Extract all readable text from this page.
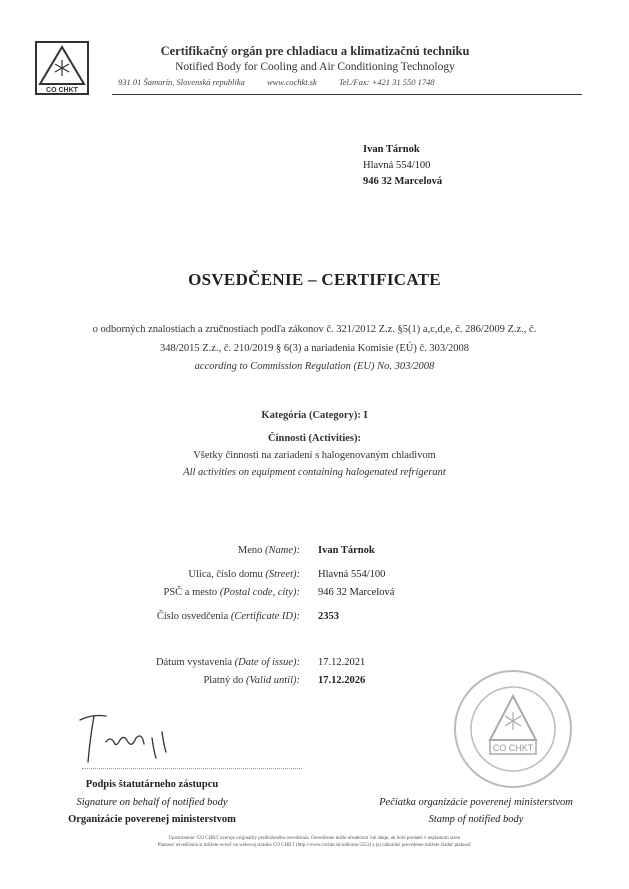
CO CHKT
Certifikačný orgán pre chladiacu a klimatizačnú techniku
Notified Body for Cooling and Air Conditioning Technology
931 01 Šamorín, Slovenská republika	www.cochkt.sk	Tel./Fax: +421 31 550 1748
Ivan Tárnok
Hlavná 554/100
946 32 Marcelová
OSVEDČENIE – CERTIFICATE
o odborných znalostiach a zručnostiach podľa zákonov č. 321/2012 Z.z. §5(1) a,c,d,e, č. 286/2009 Z.z., č.
348/2015 Z.z., č. 210/2019 § 6(3) a nariadenia Komisie (EÚ) č. 303/2008
according to Commission Regulation (EU) No. 303/2008
Kategória (Category): I
Činnosti (Activities):
Všetky činnosti na zariadení s halogenovaným chladivom
All activities on equipment containing halogenated refrigerant
Meno (Name): Ivan Tárnok
Ulica, číslo domu (Street): Hlavná 554/100
PSČ a mesto (Postal code, city): 946 32 Marcelová
Číslo osvedčenia (Certificate ID): 2353
Dátum vystavenia (Date of issue): 17.12.2021
Platný do (Valid until): 17.12.2026
CO CHKT
Podpis štatutárneho zástupcu
Signature on behalf of notified body
Organizácie poverenej ministerstvom
Pečiatka organizácie poverenej ministerstvom
Stamp of notified body
Upozornenie: CO CHKT overuje originality predloženého osvedčenia. Osvedčenie môže obsahovať iné údaje, ak bolo predané v neplatnom stave.
Platnosť osvedčenia si môžete overiť na webovej stránke CO CHKT (http://www.cochkt.sk/odborne/2353) a jej náhradné prevedenie môžete žiadať platnosť.
